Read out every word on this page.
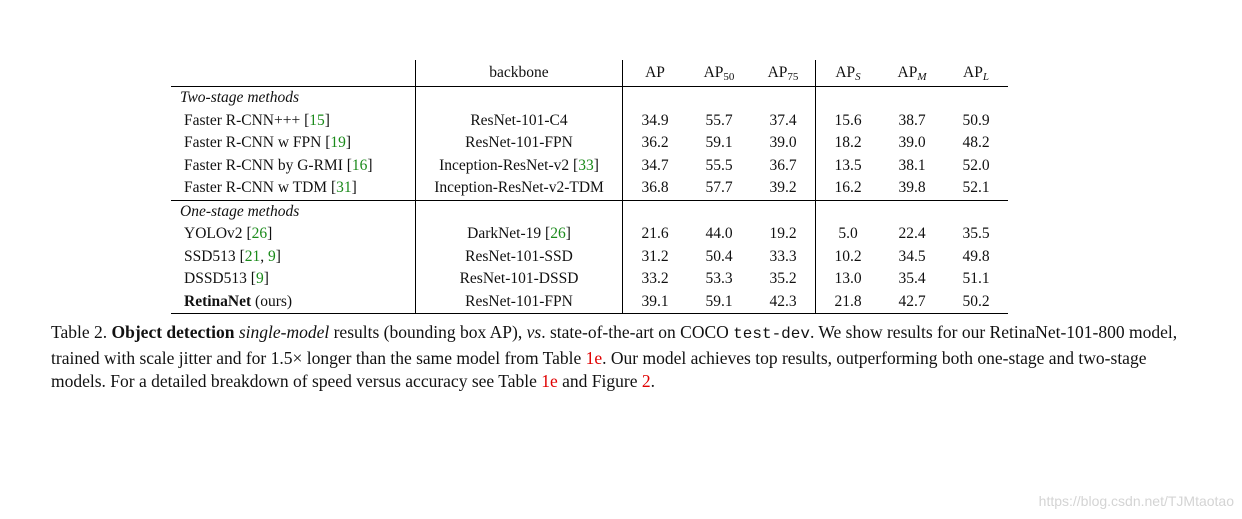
	backbone	AP	$AP_{50}$	$AP_{75}$	$AP_S$	$AP_M$	$AP_L$
Two-stage methods							
Faster R-CNN+++ [15]	ResNet-101-C4	34.9	55.7	37.4	15.6	38.7	50.9
Faster R-CNN w FPN [19]	ResNet-101-FPN	36.2	59.1	39.0	18.2	39.0	48.2
Faster R-CNN by G-RMI [16]	Inception-ResNet-v2 [33]	34.7	55.5	36.7	13.5	38.1	52.0
Faster R-CNN w TDM [31]	Inception-ResNet-v2-TDM	36.8	57.7	39.2	16.2	39.8	52.1
One-stage methods							
YOLOv2 [26]	DarkNet-19 [26]	21.6	44.0	19.2	5.0	22.4	35.5
SSD513 [21, 9]	ResNet-101-SSD	31.2	50.4	33.3	10.2	34.5	49.8
DSSD513 [9]	ResNet-101-DSSD	33.2	53.3	35.2	13.0	35.4	51.1
RetinaNet (ours)	ResNet-101-FPN	39.1	59.1	42.3	21.8	42.7	50.2
Table 2. Object detection single-model results (bounding box AP), vs. state-of-the-art on COCO test-dev. We show results for our RetinaNet-101-800 model, trained with scale jitter and for 1.5× longer than the same model from Table 1e. Our model achieves top results, outperforming both one-stage and two-stage models. For a detailed breakdown of speed versus accuracy see Table 1e and Figure 2.
https://blog.csdn.net/TJMtaotao
